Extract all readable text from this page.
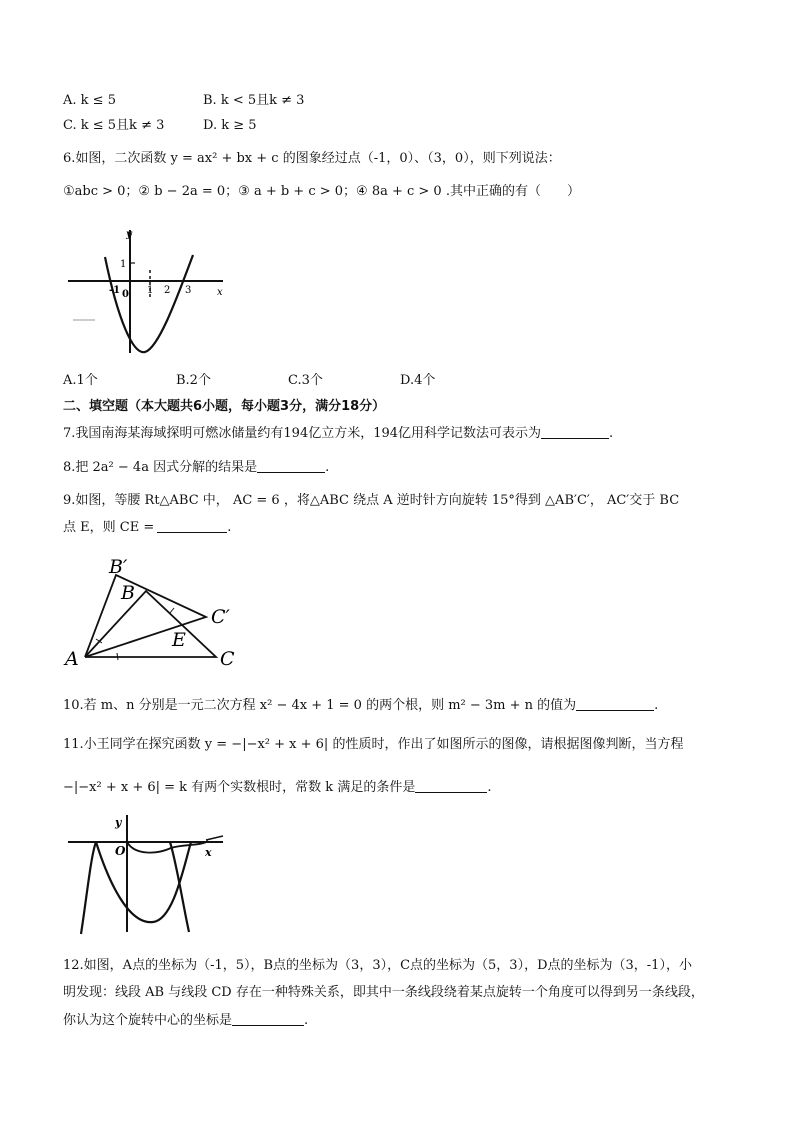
A. k ≤ 5	B. k < 5且k ≠ 3
C. k ≤ 5且k ≠ 3	D. k ≥ 5
6.如图，二次函数 y = ax² + bx + c 的图象经过点（-1，0）、（3，0），则下列说法：
①abc > 0；② b − 2a = 0；③ a + b + c > 0；④ 8a + c > 0 .其中正确的有（　　）
1
y
x
-1 0 1 2 3
A.1个	B.2个	C.3个	D.4个
二、填空题（本大题共6小题，每小题3分，满分18分）
7.我国南海某海域探明可燃冰储量约有194亿立方米，194亿用科学记数法可表示为	.
8.把 2a² − 4a 因式分解的结果是	.
9.如图，等腰 Rt△ABC 中， AC = 6 ，将△ABC 绕点 A 逆时针方向旋转 15°得到 △AB′C′， AC′交于 BC
点 E，则 CE =	.
B′
B
C′
E
A	C
10.若 m、n 分别是一元二次方程 x² − 4x + 1 = 0 的两个根，则 m² − 3m + n 的值为	.
11.小王同学在探究函数 y = −|−x² + x + 6| 的性质时，作出了如图所示的图像，请根据图像判断，当方程
−|−x² + x + 6| = k 有两个实数根时，常数 k 满足的条件是	.
y
O	x
12.如图，A点的坐标为（-1，5），B点的坐标为（3，3），C点的坐标为（5，3），D点的坐标为（3，-1），小
明发现：线段 AB 与线段 CD 存在一种特殊关系，即其中一条线段绕着某点旋转一个角度可以得到另一条线段，
你认为这个旋转中心的坐标是	.
